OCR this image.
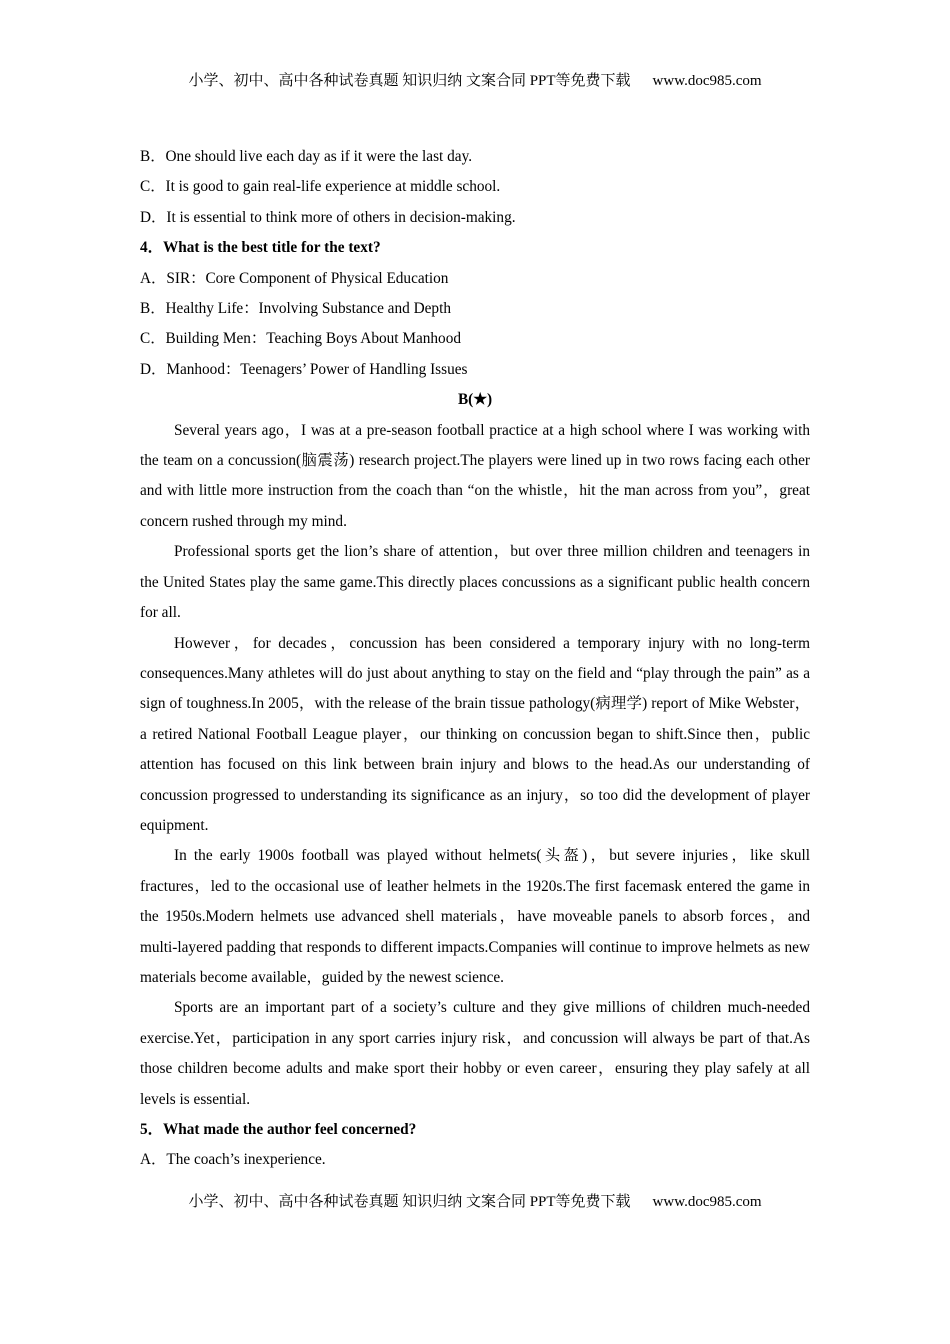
小学、初中、高中各种试卷真题 知识归纳 文案合同 PPT等免费下载 www.doc985.com
B．One should live each day as if it were the last day.
C．It is good to gain real-life experience at middle school.
D．It is essential to think more of others in decision-making.
4．What is the best title for the text?
A．SIR：Core Component of Physical Education
B．Healthy Life：Involving Substance and Depth
C．Building Men：Teaching Boys About Manhood
D．Manhood：Teenagers’ Power of Handling Issues
B(★)

Several years ago，I was at a pre-season football practice at a high school where I was working with the team on a concussion(脑震荡) research project.The players were lined up in two rows facing each other and with little more instruction from the coach than “on the whistle，hit the man across from you”，great concern rushed through my mind.

Professional sports get the lion’s share of attention，but over three million children and teenagers in the United States play the same game.This directly places concussions as a significant public health concern for all.

However，for decades，concussion has been considered a temporary injury with no long-term consequences.Many athletes will do just about anything to stay on the field and “play through the pain” as a sign of toughness.In 2005，with the release of the brain tissue pathology(病理学) report of Mike Webster，a retired National Football League player，our thinking on concussion began to shift.Since then，public attention has focused on this link between brain injury and blows to the head.As our understanding of concussion progressed to understanding its significance as an injury，so too did the development of player equipment.

In the early 1900s football was played without helmets(头盔)，but severe injuries，like skull fractures，led to the occasional use of leather helmets in the 1920s.The first facemask entered the game in the 1950s.Modern helmets use advanced shell materials，have moveable panels to absorb forces，and multi-layered padding that responds to different impacts.Companies will continue to improve helmets as new materials become available，guided by the newest science.

Sports are an important part of a society’s culture and they give millions of children much-needed exercise.Yet，participation in any sport carries injury risk，and concussion will always be part of that.As those children become adults and make sport their hobby or even career，ensuring they play safely at all levels is essential.

5．What made the author feel concerned?
A．The coach’s inexperience.
小学、初中、高中各种试卷真题 知识归纳 文案合同 PPT等免费下载 www.doc985.com
